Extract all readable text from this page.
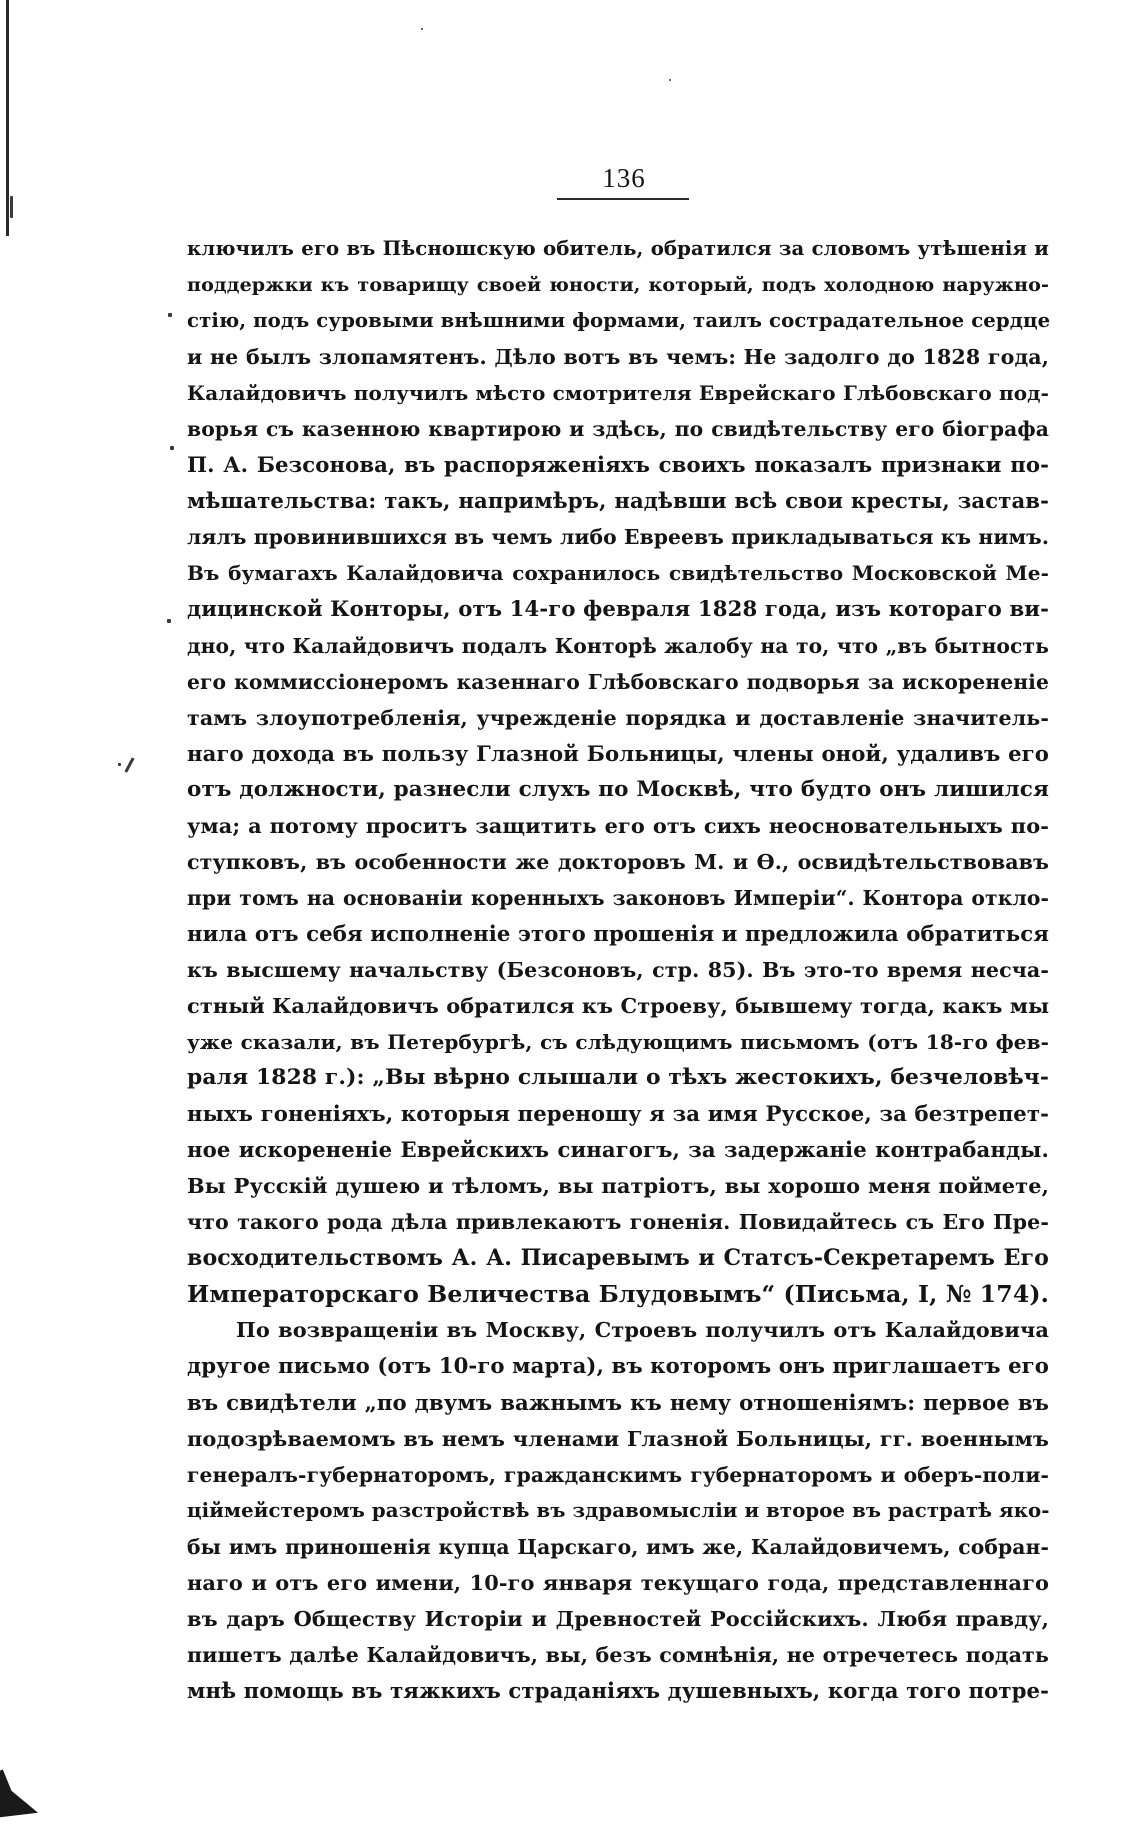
136
ключилъ его въ Пѣсношскую обитель, обратился за словомъ утѣшенія и
поддержки къ товарищу своей юности, который, подъ холодною наружно-
стію, подъ суровыми внѣшними формами, таилъ сострадательное сердце
и не былъ злопамятенъ. Дѣло вотъ въ чемъ: Не задолго до 1828 года,
Калайдовичъ получилъ мѣсто смотрителя Еврейскаго Глѣбовскаго под-
ворья съ казенною квартирою и здѣсь, по свидѣтельству его біографа
П. А. Безсонова, въ распоряженіяхъ своихъ показалъ признаки по-
мѣшательства: такъ, напримѣръ, надѣвши всѣ свои кресты, застав-
лялъ провинившихся въ чемъ либо Евреевъ прикладываться къ нимъ.
Въ бумагахъ Калайдовича сохранилось свидѣтельство Московской Ме-
дицинской Конторы, отъ 14-го февраля 1828 года, изъ котораго ви-
дно, что Калайдовичъ подалъ Конторѣ жалобу на то, что „въ бытность
его коммиссіонеромъ казеннаго Глѣбовскаго подворья за искорененіе
тамъ злоупотребленія, учрежденіе порядка и доставленіе значитель-
наго дохода въ пользу Глазной Больницы, члены оной, удаливъ его
отъ должности, разнесли слухъ по Москвѣ, что будто онъ лишился
ума; а потому проситъ защитить его отъ сихъ неосновательныхъ по-
ступковъ, въ особенности же докторовъ М. и Ѳ., освидѣтельствовавъ
при томъ на основаніи коренныхъ законовъ Имперіи“. Контора откло-
нила отъ себя исполненіе этого прошенія и предложила обратиться
къ высшему начальству (Безсоновъ, стр. 85). Въ это-то время несча-
стный Калайдовичъ обратился къ Строеву, бывшему тогда, какъ мы
уже сказали, въ Петербургѣ, съ слѣдующимъ письмомъ (отъ 18-го фев-
раля 1828 г.): „Вы вѣрно слышали о тѣхъ жестокихъ, безчеловѣч-
ныхъ гоненіяхъ, которыя переношу я за имя Русское, за безтрепет-
ное искорененіе Еврейскихъ синагогъ, за задержаніе контрабанды.
Вы Русскій душею и тѣломъ, вы патріотъ, вы хорошо меня поймете,
что такого рода дѣла привлекаютъ гоненія. Повидайтесь съ Его Пре-
восходительствомъ А. А. Писаревымъ и Статсъ-Секретаремъ Его
Императорскаго Величества Блудовымъ“ (Письма, I, № 174).
По возвращеніи въ Москву, Строевъ получилъ отъ Калайдовича
другое письмо (отъ 10-го марта), въ которомъ онъ приглашаетъ его
въ свидѣтели „по двумъ важнымъ къ нему отношеніямъ: первое въ
подозрѣваемомъ въ немъ членами Глазной Больницы, гг. военнымъ
генералъ-губернаторомъ, гражданскимъ губернаторомъ и оберъ-поли-
ціймейстеромъ разстройствѣ въ здравомысліи и второе въ растратѣ яко-
бы имъ приношенія купца Царскаго, имъ же, Калайдовичемъ, собран-
наго и отъ его имени, 10-го января текущаго года, представленнаго
въ даръ Обществу Исторіи и Древностей Россійскихъ. Любя правду,
пишетъ далѣе Калайдовичъ, вы, безъ сомнѣнія, не отречетесь подать
мнѣ помощь въ тяжкихъ страданіяхъ душевныхъ, когда того потре-
